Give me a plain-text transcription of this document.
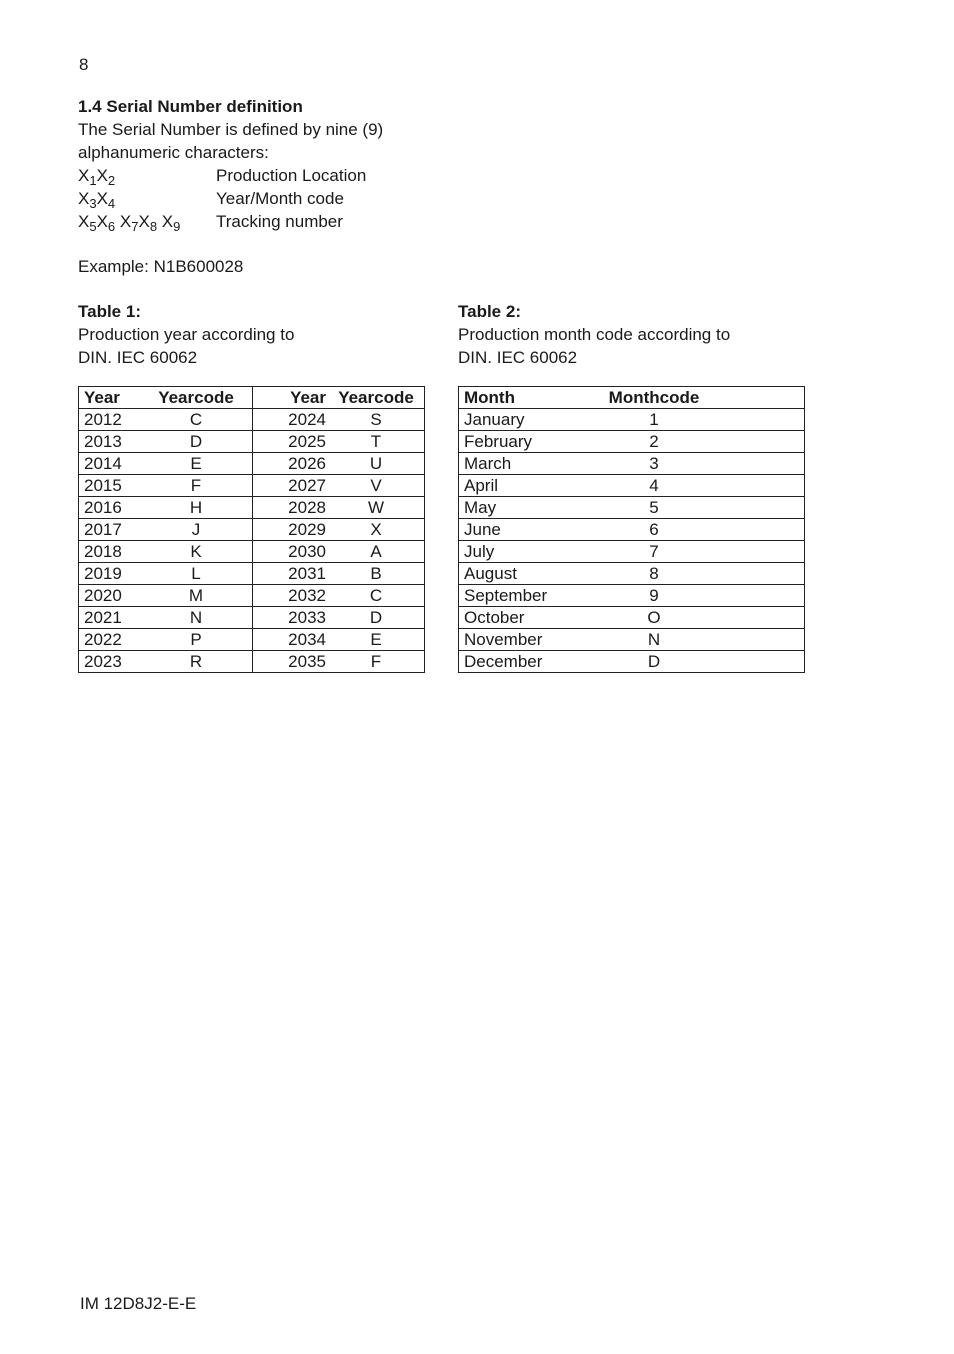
8
1.4 Serial Number definition
The Serial Number is defined by nine (9) alphanumeric characters:
$X_1X_2$	Production Location
$X_3X_4$	Year/Month code
$X_5X_6$ $X_7X_8$ $X_9$ Tracking number
Example: N1B600028
Table 1:
Production year according to
DIN. IEC 60062
Table 2:
Production month code according to
DIN. IEC 60062
Year	Yearcode	Year	Yearcode
2012	C	2024	S
2013	D	2025	T
2014	E	2026	U
2015	F	2027	V
2016	H	2028	W
2017	J	2029	X
2018	K	2030	A
2019	L	2031	B
2020	M	2032	C
2021	N	2033	D
2022	P	2034	E
2023	R	2035	F
Month	Monthcode	
January	1	
February	2	
March	3	
April	4	
May	5	
June	6	
July	7	
August	8	
September	9	
October	O	
November	N	
December	D	
IM 12D8J2-E-E
